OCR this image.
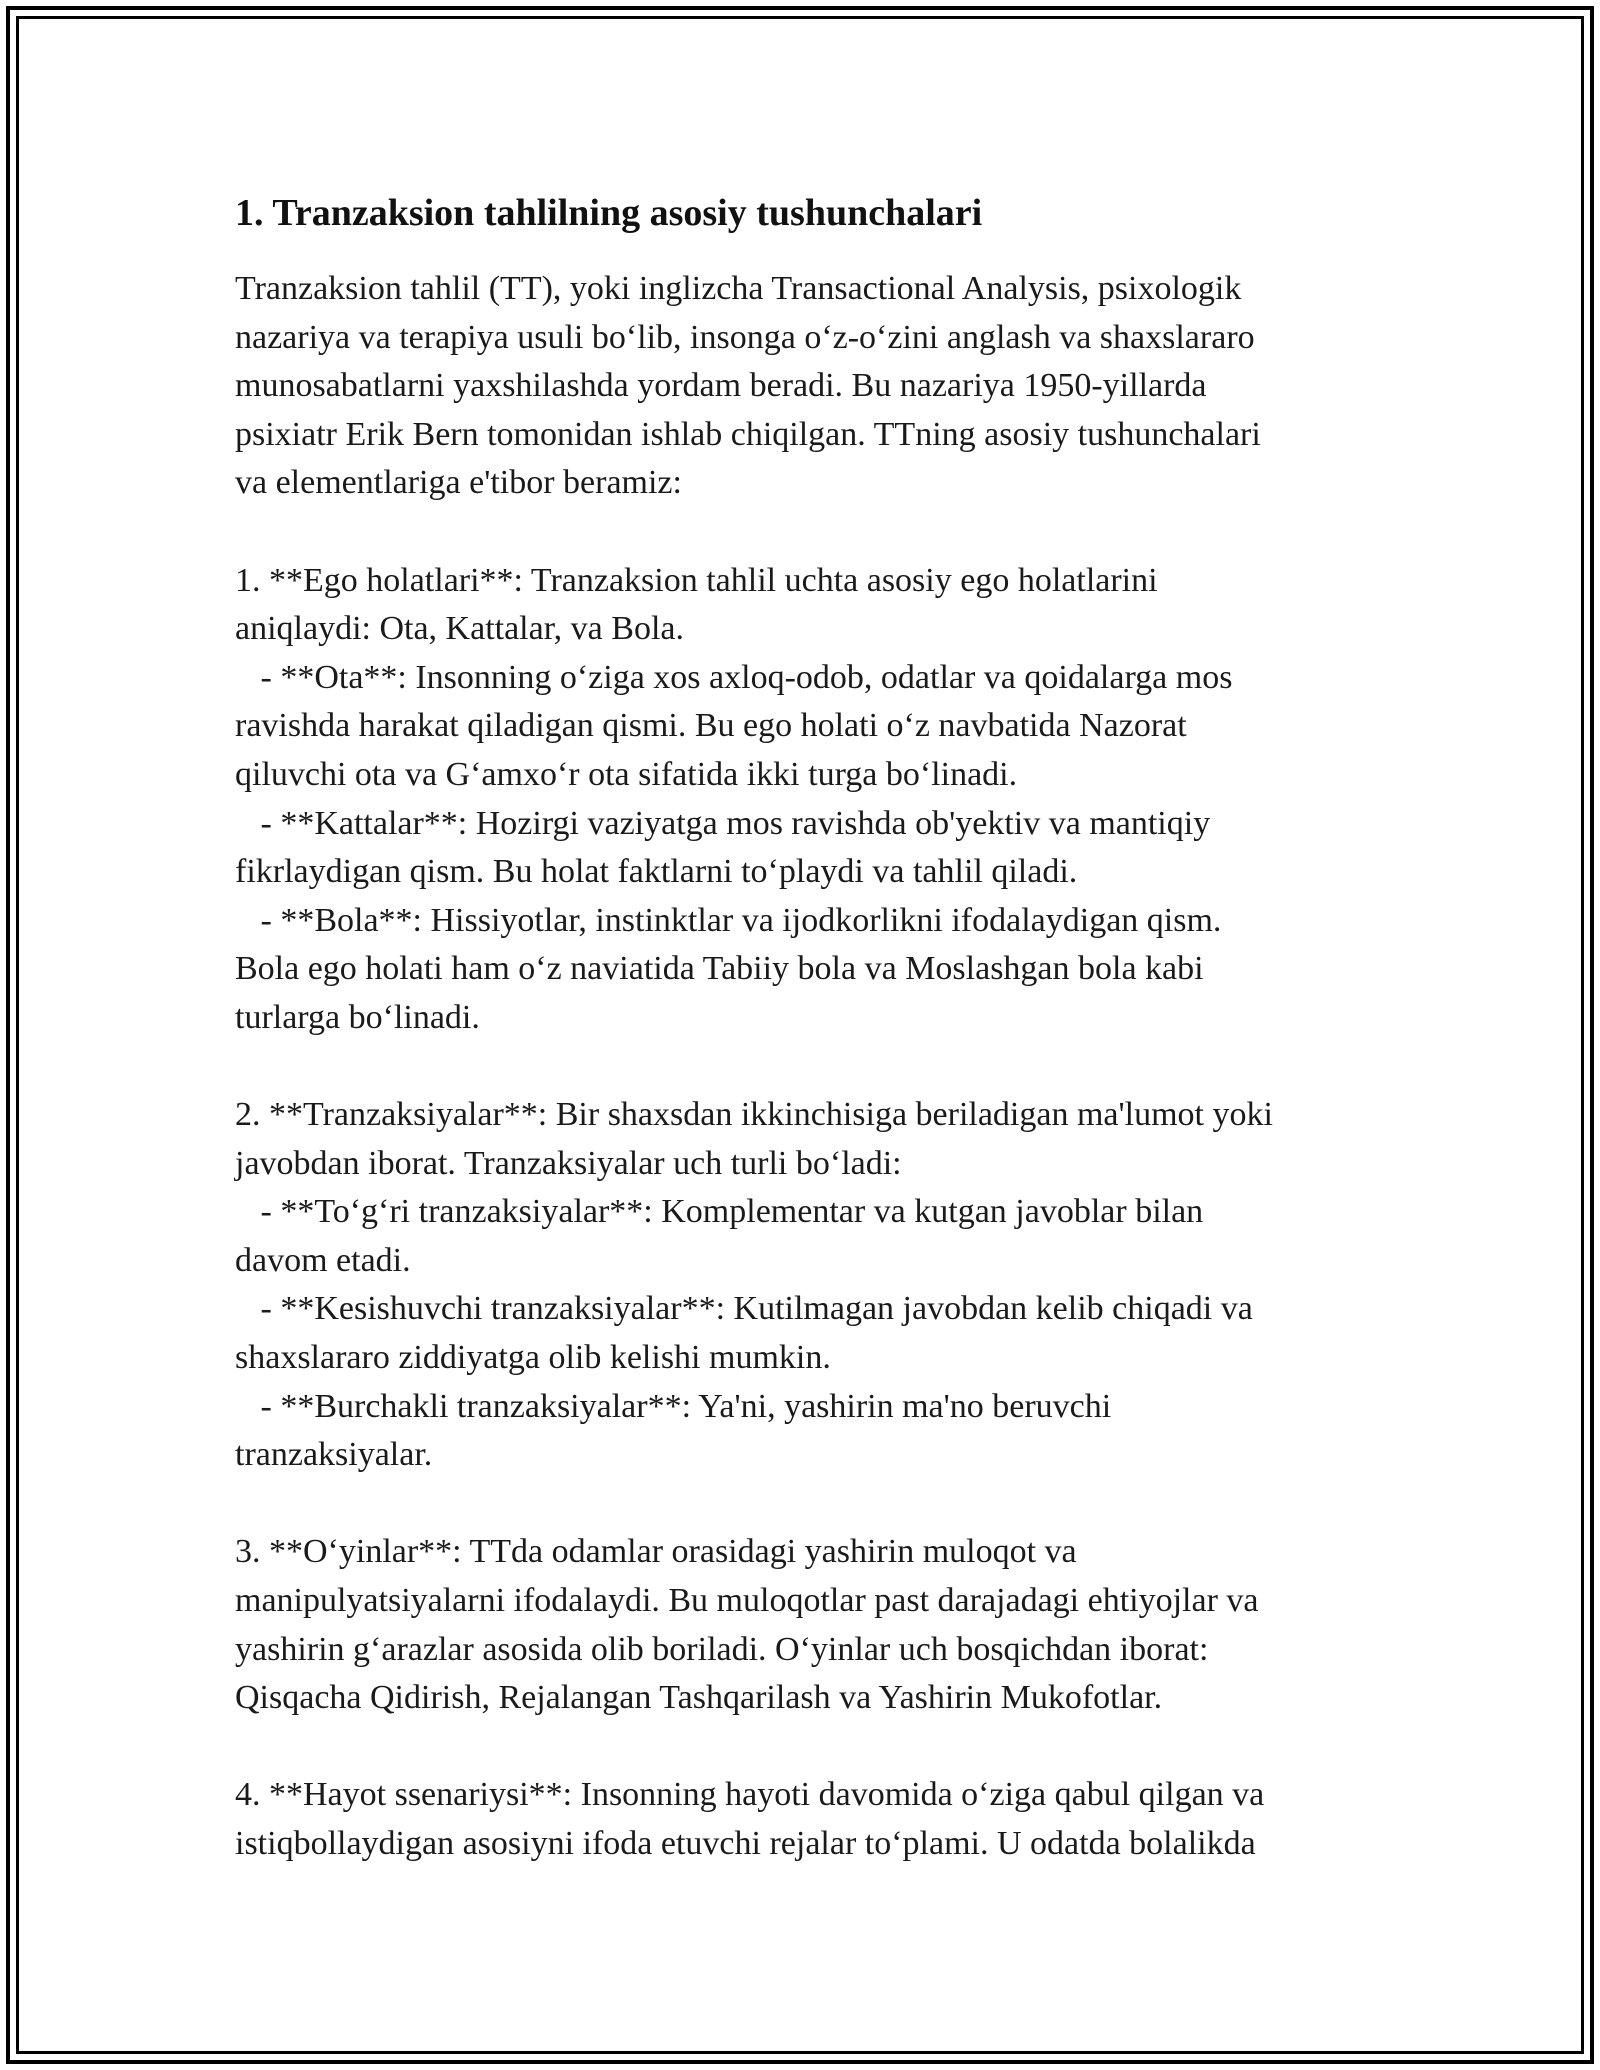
1. Tranzaksion tahlilning asosiy tushunchalari

Tranzaksion tahlil (TT), yoki inglizcha Transactional Analysis, psixologik
nazariya va terapiya usuli bo‘lib, insonga o‘z-o‘zini anglash va shaxslararo
munosabatlarni yaxshilashda yordam beradi. Bu nazariya 1950-yillarda
psixiatr Erik Bern tomonidan ishlab chiqilgan. TTning asosiy tushunchalari
va elementlariga e'tibor beramiz:

1. **Ego holatlari**: Tranzaksion tahlil uchta asosiy ego holatlarini
aniqlaydi: Ota, Kattalar, va Bola.
- **Ota**: Insonning o‘ziga xos axloq-odob, odatlar va qoidalarga mos
ravishda harakat qiladigan qismi. Bu ego holati o‘z navbatida Nazorat
qiluvchi ota va G‘amxo‘r ota sifatida ikki turga bo‘linadi.
- **Kattalar**: Hozirgi vaziyatga mos ravishda ob'yektiv va mantiqiy
fikrlaydigan qism. Bu holat faktlarni to‘playdi va tahlil qiladi.
- **Bola**: Hissiyotlar, instinktlar va ijodkorlikni ifodalaydigan qism.
Bola ego holati ham o‘z naviatida Tabiiy bola va Moslashgan bola kabi
turlarga bo‘linadi.

2. **Tranzaksiyalar**: Bir shaxsdan ikkinchisiga beriladigan ma'lumot yoki
javobdan iborat. Tranzaksiyalar uch turli bo‘ladi:
- **To‘g‘ri tranzaksiyalar**: Komplementar va kutgan javoblar bilan
davom etadi.
- **Kesishuvchi tranzaksiyalar**: Kutilmagan javobdan kelib chiqadi va
shaxslararo ziddiyatga olib kelishi mumkin.
- **Burchakli tranzaksiyalar**: Ya'ni, yashirin ma'no beruvchi
tranzaksiyalar.

3. **O‘yinlar**: TTda odamlar orasidagi yashirin muloqot va
manipulyatsiyalarni ifodalaydi. Bu muloqotlar past darajadagi ehtiyojlar va
yashirin g‘arazlar asosida olib boriladi. O‘yinlar uch bosqichdan iborat:
Qisqacha Qidirish, Rejalangan Tashqarilash va Yashirin Mukofotlar.

4. **Hayot ssenariysi**: Insonning hayoti davomida o‘ziga qabul qilgan va
istiqbollaydigan asosiyni ifoda etuvchi rejalar to‘plami. U odatda bolalikda
